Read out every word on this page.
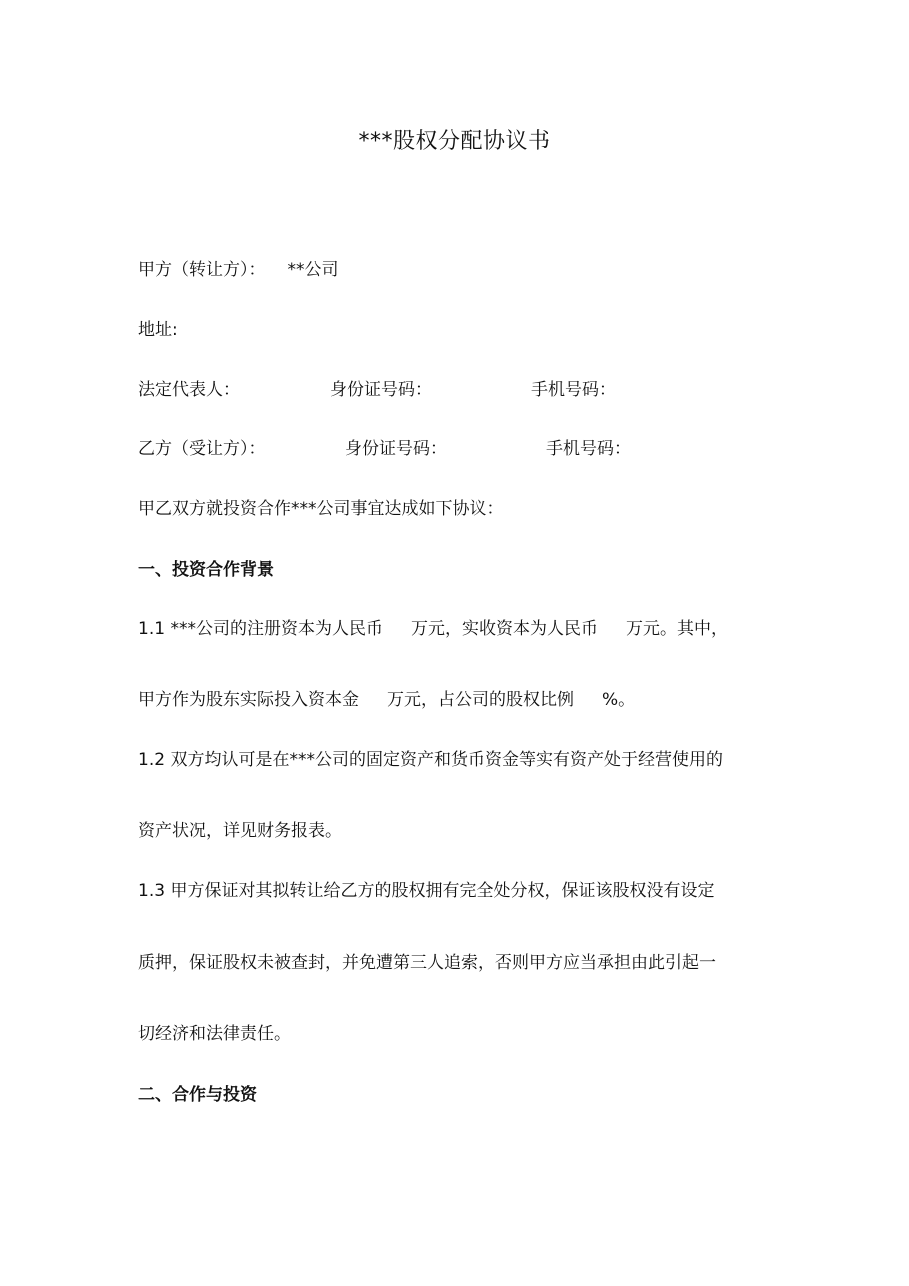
***股权分配协议书
甲方（转让方）： **公司
地址:
法定代表人：	身份证号码：	手机号码：
乙方（受让方）：	身份证号码：	手机号码：
甲乙双方就投资合作***公司事宜达成如下协议：
一、投资合作背景
1.1 ***公司的注册资本为人民币 万元，实收资本为人民币 万元。其中，
甲方作为股东实际投入资本金 万元，占公司的股权比例 %。
1.2 双方均认可是在***公司的固定资产和货币资金等实有资产处于经营使用的
资产状况，详见财务报表。
1.3 甲方保证对其拟转让给乙方的股权拥有完全处分权，保证该股权没有设定
质押，保证股权未被查封，并免遭第三人追索，否则甲方应当承担由此引起一
切经济和法律责任。
二、合作与投资
